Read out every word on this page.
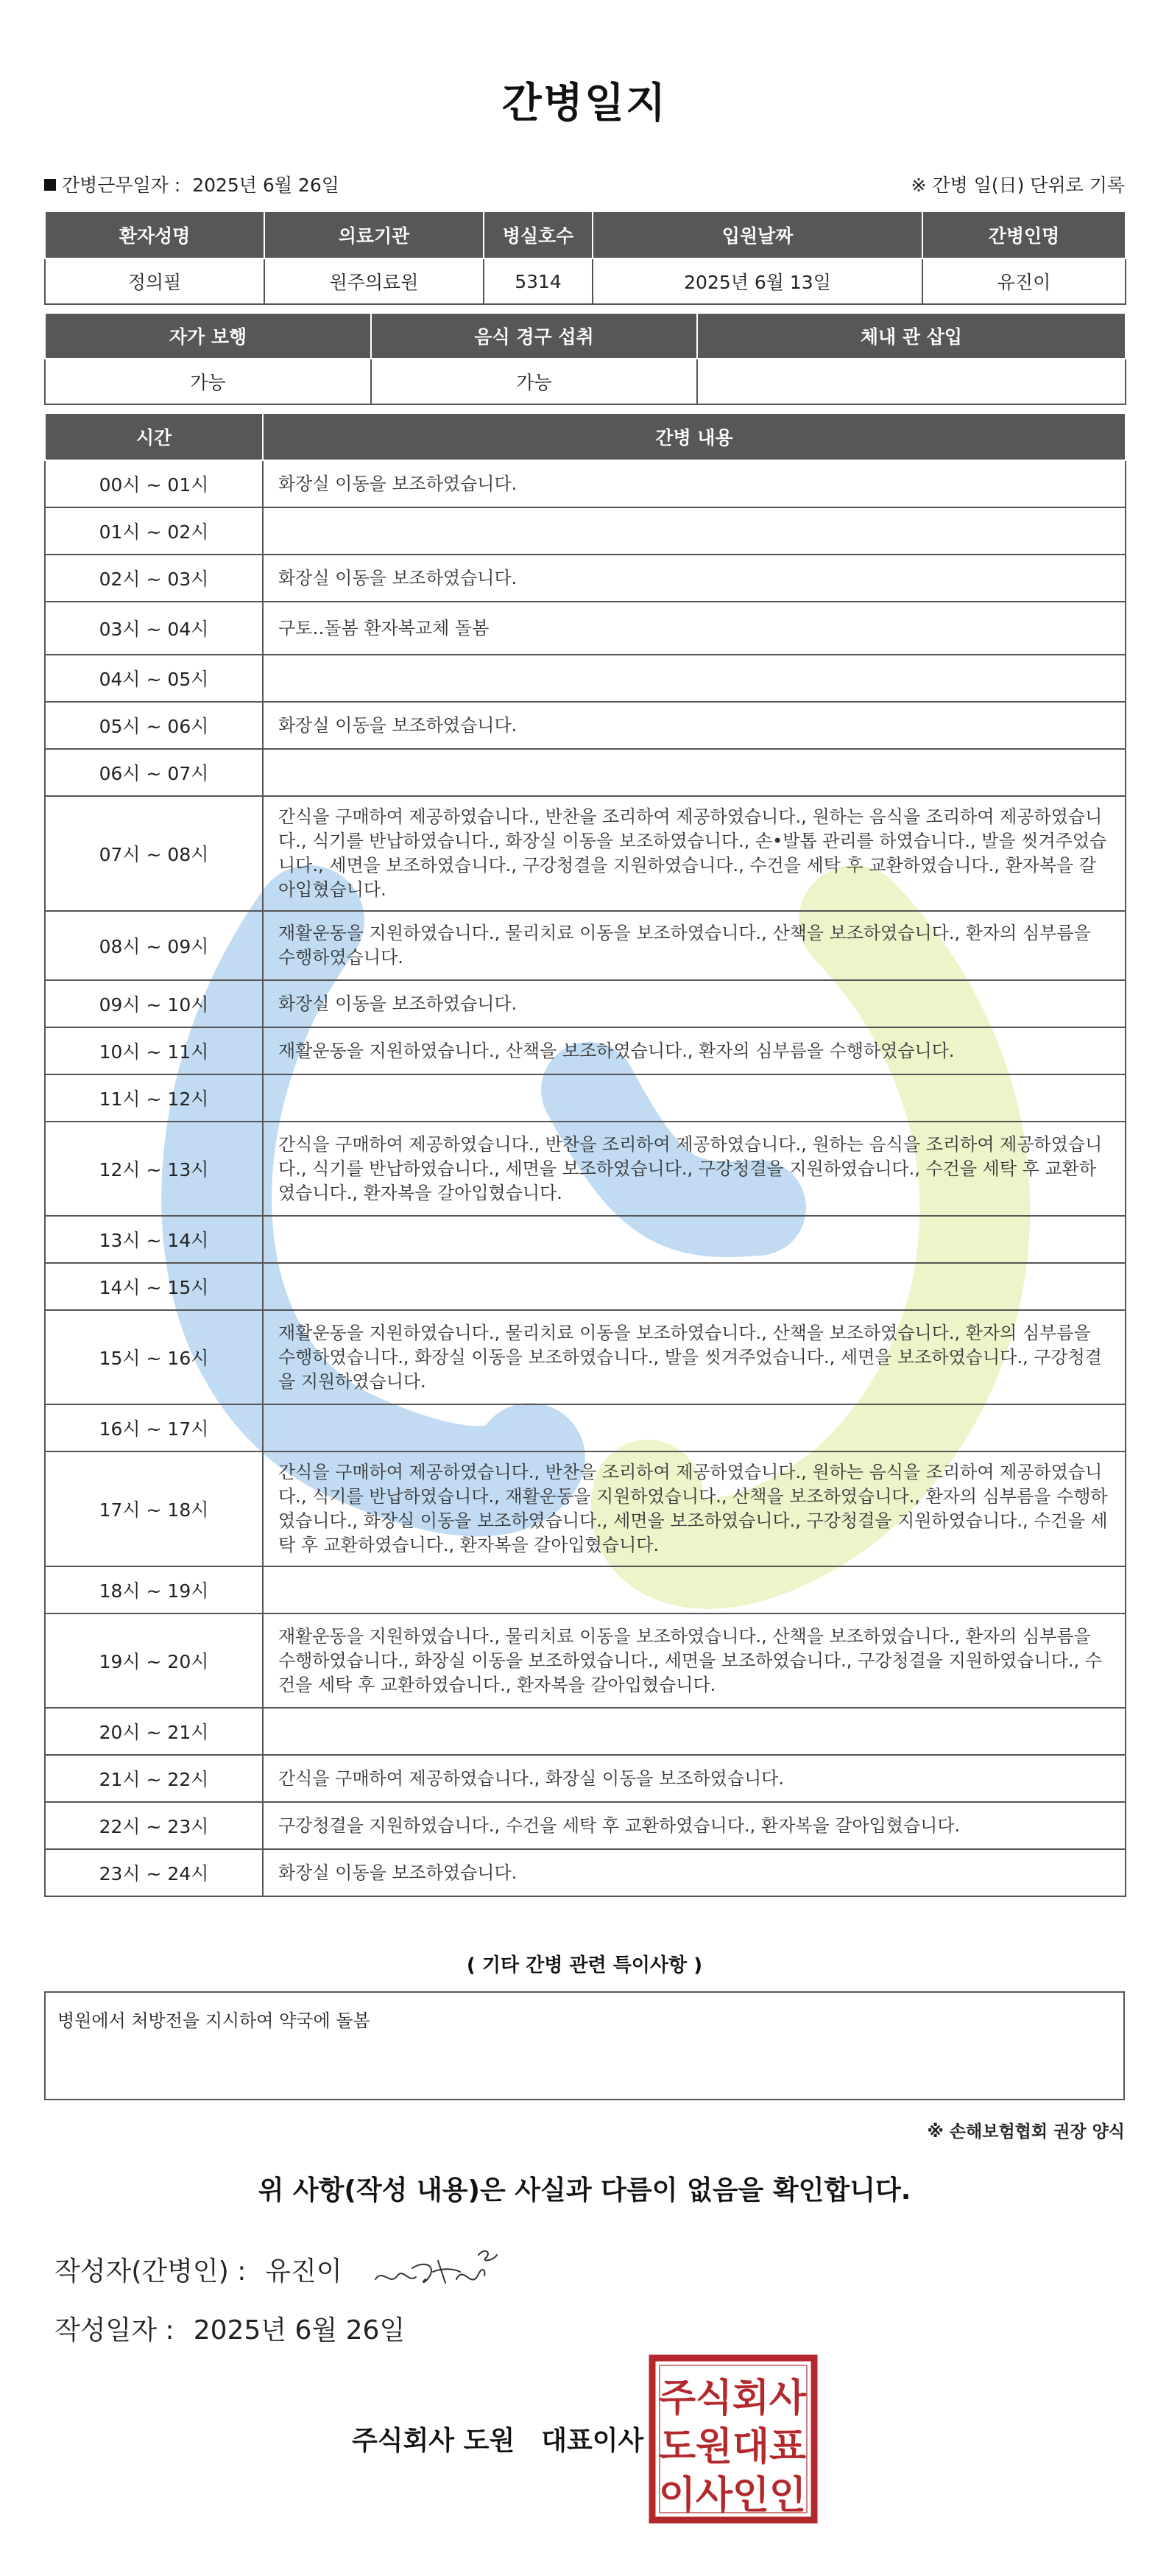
간병일지
간병근무일자 : 2025년 6월 26일	※ 간병 일(日) 단위로 기록
환자성명	의료기관	병실호수	입원날짜	간병인명
정의필	원주의료원	5314	2025년 6월 13일	유진이
자가 보행	음식 경구 섭취	체내 관 삽입
가능	가능	
시간	간병 내용
00시 ~ 01시	화장실 이동을 보조하였습니다.
01시 ~ 02시	
02시 ~ 03시	화장실 이동을 보조하였습니다.
03시 ~ 04시	구토‥돌봄 환자복교체 돌봄
04시 ~ 05시	
05시 ~ 06시	화장실 이동을 보조하였습니다.
06시 ~ 07시	
07시 ~ 08시	간식을 구매하여 제공하였습니다., 반찬을 조리하여 제공하였습니다., 원하는 음식을 조리하여 제공하였습니다., 식기를 반납하였습니다., 화장실 이동을 보조하였습니다., 손•발톱 관리를 하였습니다., 발을 씻겨주었습니다., 세면을 보조하였습니다., 구강청결을 지원하였습니다., 수건을 세탁 후 교환하였습니다., 환자복을 갈아입혔습니다.
08시 ~ 09시	재활운동을 지원하였습니다., 물리치료 이동을 보조하였습니다., 산책을 보조하였습니다., 환자의 심부름을 수행하였습니다.
09시 ~ 10시	화장실 이동을 보조하였습니다.
10시 ~ 11시	재활운동을 지원하였습니다., 산책을 보조하였습니다., 환자의 심부름을 수행하였습니다.
11시 ~ 12시	
12시 ~ 13시	간식을 구매하여 제공하였습니다., 반찬을 조리하여 제공하였습니다., 원하는 음식을 조리하여 제공하였습니다., 식기를 반납하였습니다., 세면을 보조하였습니다., 구강청결을 지원하였습니다., 수건을 세탁 후 교환하였습니다., 환자복을 갈아입혔습니다.
13시 ~ 14시	
14시 ~ 15시	
15시 ~ 16시	재활운동을 지원하였습니다., 물리치료 이동을 보조하였습니다., 산책을 보조하였습니다., 환자의 심부름을 수행하였습니다., 화장실 이동을 보조하였습니다., 발을 씻겨주었습니다., 세면을 보조하였습니다., 구강청결을 지원하였습니다.
16시 ~ 17시	
17시 ~ 18시	간식을 구매하여 제공하였습니다., 반찬을 조리하여 제공하였습니다., 원하는 음식을 조리하여 제공하였습니다., 식기를 반납하였습니다., 재활운동을 지원하였습니다., 산책을 보조하였습니다., 환자의 심부름을 수행하였습니다., 화장실 이동을 보조하였습니다., 세면을 보조하였습니다., 구강청결을 지원하였습니다., 수건을 세탁 후 교환하였습니다., 환자복을 갈아입혔습니다.
18시 ~ 19시	
19시 ~ 20시	재활운동을 지원하였습니다., 물리치료 이동을 보조하였습니다., 산책을 보조하였습니다., 환자의 심부름을 수행하였습니다., 화장실 이동을 보조하였습니다., 세면을 보조하였습니다., 구강청결을 지원하였습니다., 수건을 세탁 후 교환하였습니다., 환자복을 갈아입혔습니다.
20시 ~ 21시	
21시 ~ 22시	간식을 구매하여 제공하였습니다., 화장실 이동을 보조하였습니다.
22시 ~ 23시	구강청결을 지원하였습니다., 수건을 세탁 후 교환하였습니다., 환자복을 갈아입혔습니다.
23시 ~ 24시	화장실 이동을 보조하였습니다.
( 기타 간병 관련 특이사항 )
병원에서 처방전을 지시하여 약국에 돌봄
※ 손해보험협회 권장 양식
위 사항(작성 내용)은 사실과 다름이 없음을 확인합니다.
작성자(간병인) : 유진이
작성일자 : 2025년 6월 26일
주식회사 도원 대표이사
주 식 회 사
도 원 대 표
이 사 인 인
